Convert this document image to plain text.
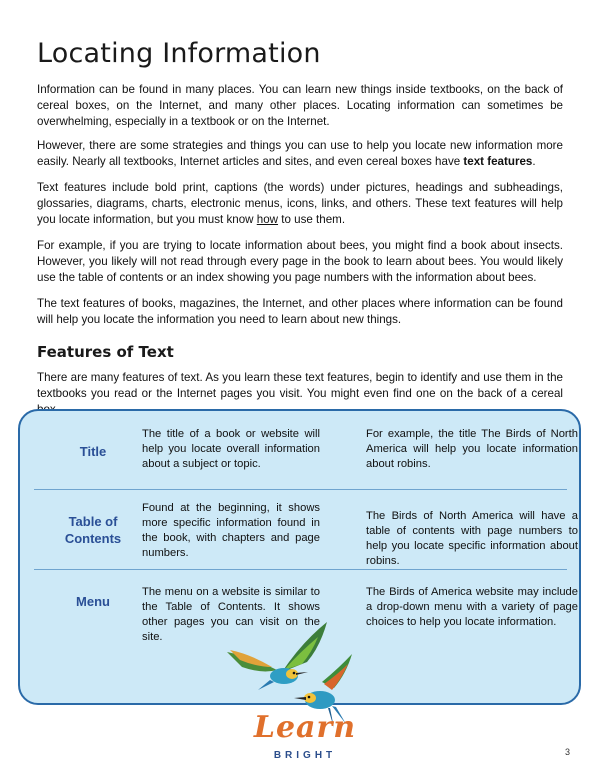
Locating Information

Information can be found in many places. You can learn new things inside textbooks, on the back of cereal boxes, on the Internet, and many other places. Locating information can sometimes be overwhelming, especially in a textbook or on the Internet.

However, there are some strategies and things you can use to help you locate new information more easily. Nearly all textbooks, Internet articles and sites, and even cereal boxes have text features.

Text features include bold print, captions (the words) under pictures, headings and subheadings, glossaries, diagrams, charts, electronic menus, icons, links, and others. These text features will help you locate information, but you must know how to use them.

For example, if you are trying to locate information about bees, you might find a book about insects. However, you likely will not read through every page in the book to learn about bees. You would likely use the table of contents or an index showing you page numbers with the information about bees.

The text features of books, magazines, the Internet, and other places where information can be found will help you locate the information you need to learn about new things.

Features of Text

There are many features of text. As you learn these text features, begin to identify and use them in the textbooks you read or the Internet pages you visit. You might even find one on the back of a cereal

Title
The title of a book or website will help you locate overall information about a subject or topic.
For example, the title The Birds of North America will help you locate information about robins.
Table of Contents
Found at the beginning, it shows more specific information found in the book, with chapters and page numbers.
The Birds of North America will have a table of contents with page numbers to help you locate specific information about robins.
Menu
The menu on a website is similar to the Table of Contents. It shows other pages you can visit on the site.
The Birds of America website may include a drop-down menu with a variety of page choices to help you locate information.
Learn
BRIGHT	3
